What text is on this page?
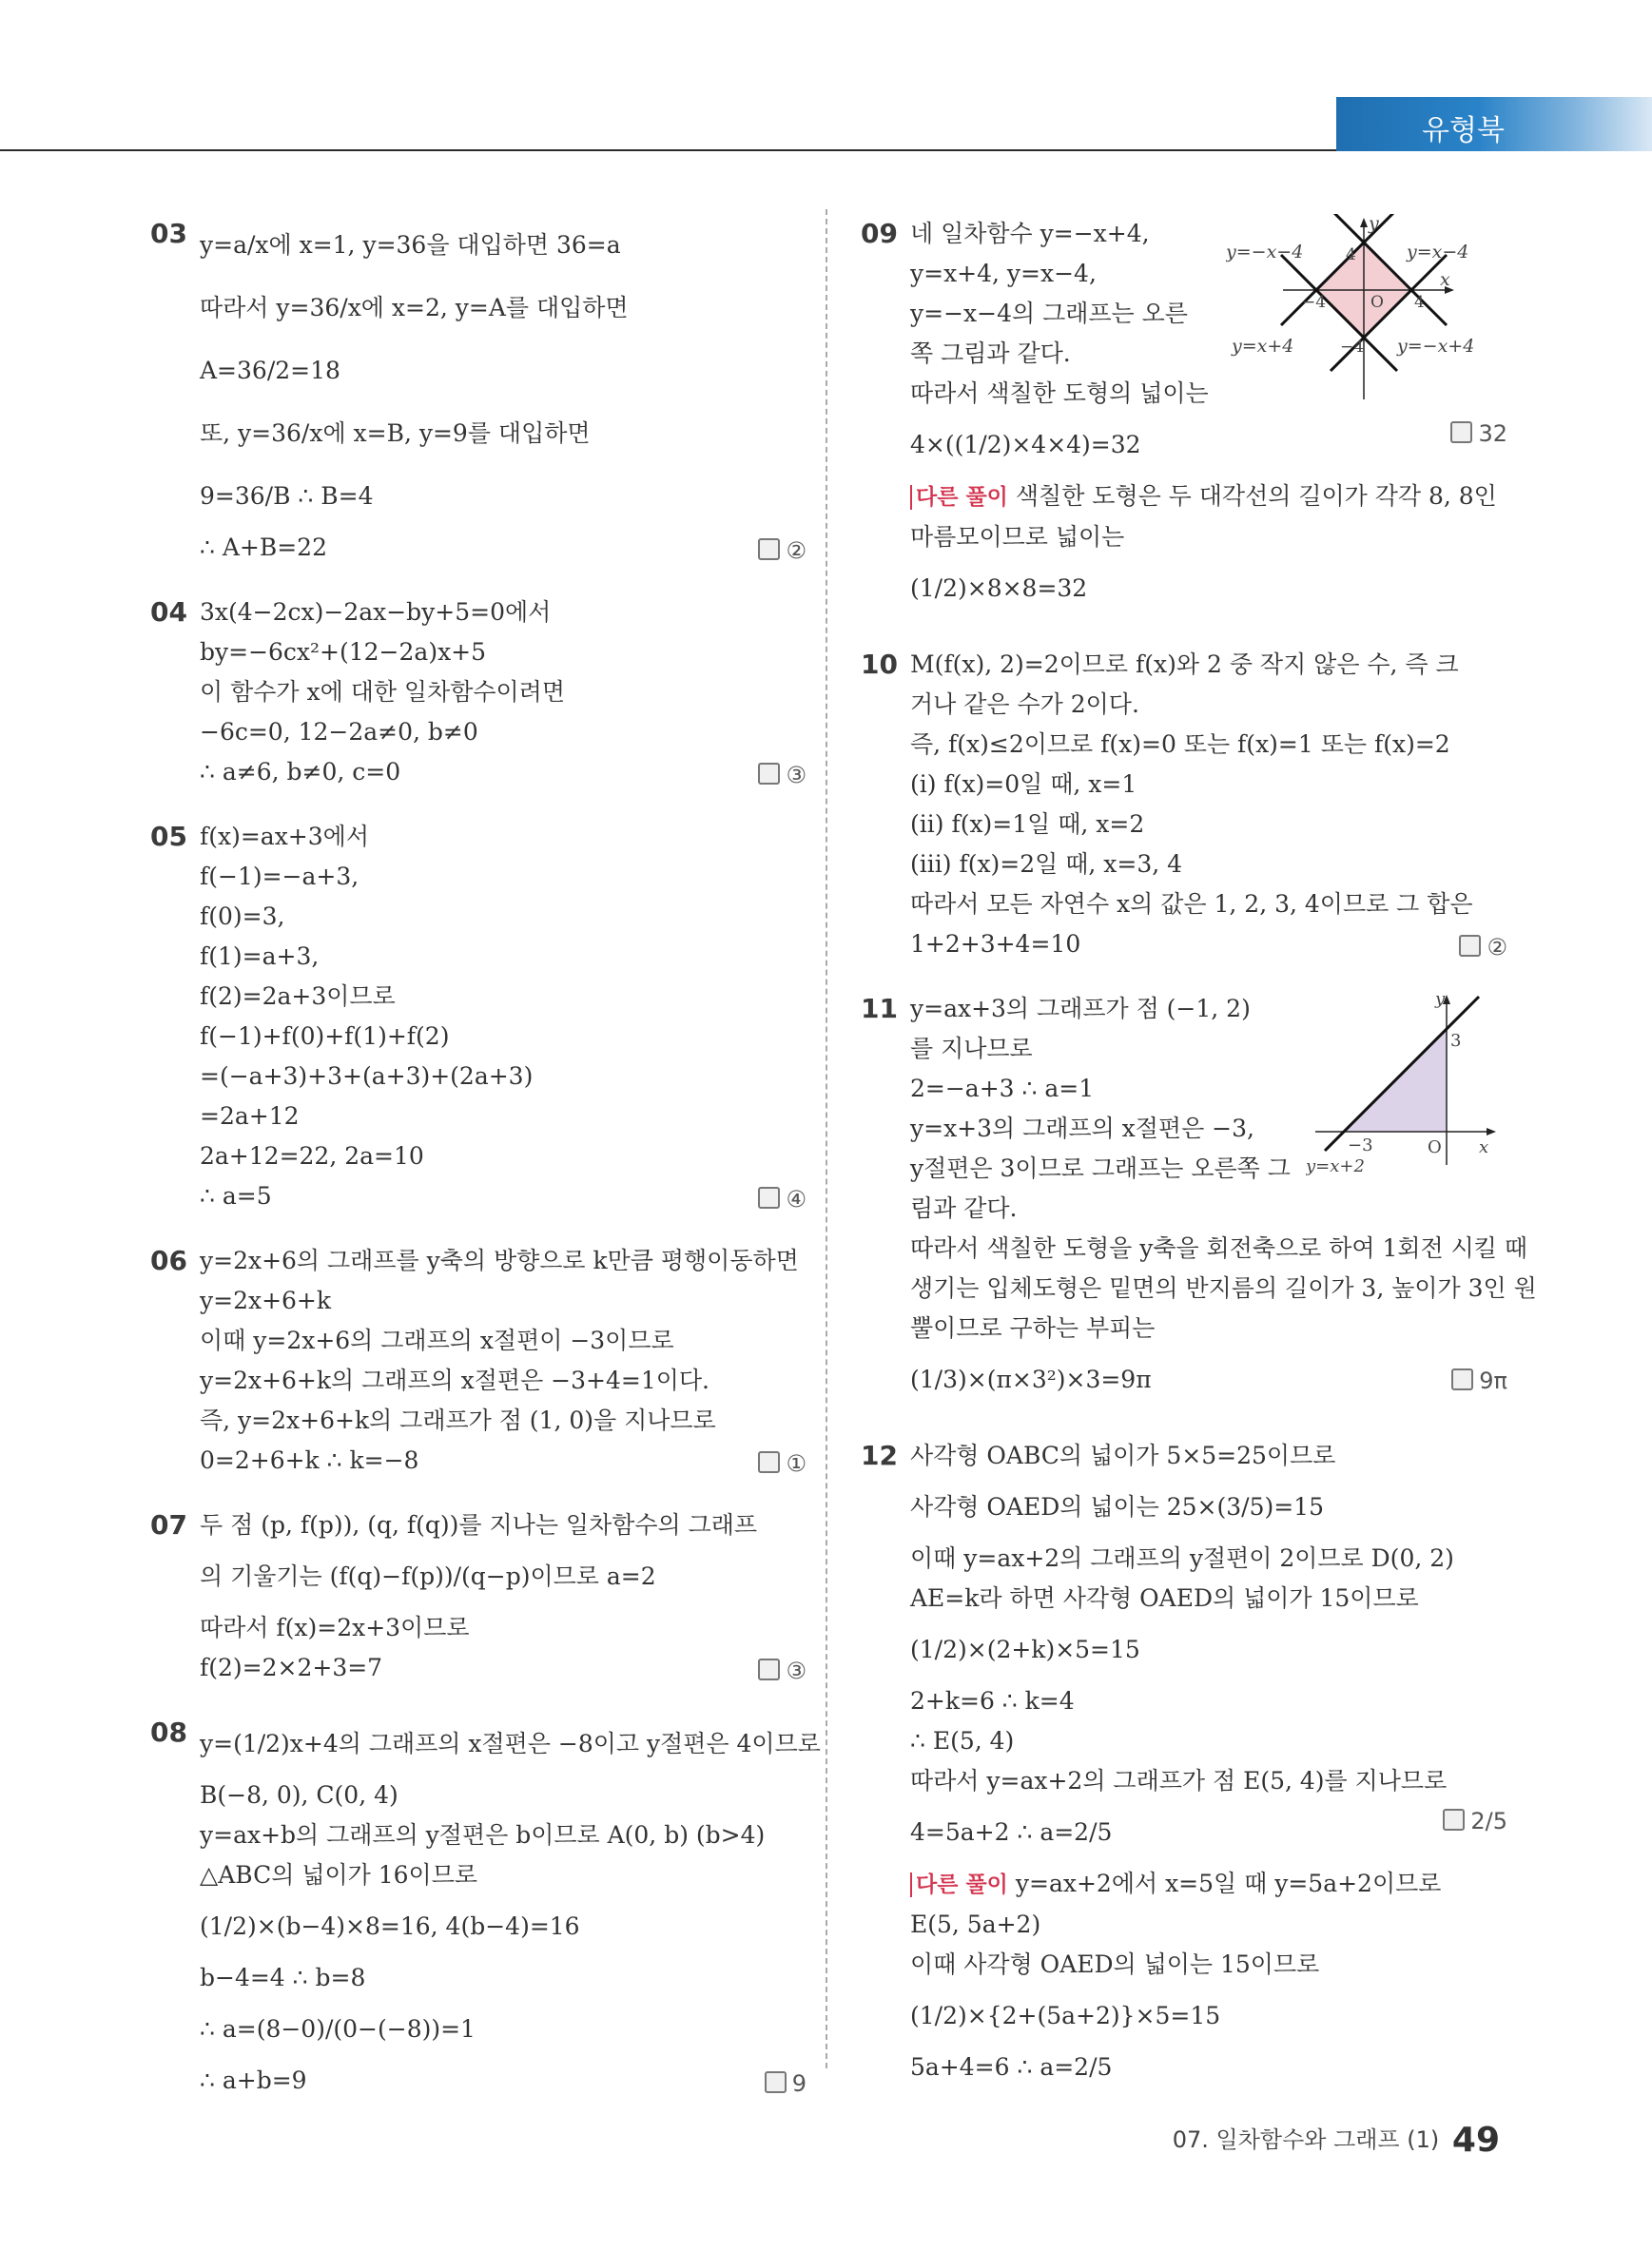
유형북
03 y=a/x에 x=1, y=36을 대입하면 36=a
따라서 y=36/x에 x=2, y=A를 대입하면
A=36/2=18
또, y=36/x에 x=B, y=9를 대입하면
9=36/B ∴ B=4
∴ A+B=22	②
04 3x(4−2cx)−2ax−by+5=0에서
by=−6cx²+(12−2a)x+5
이 함수가 x에 대한 일차함수이려면
−6c=0, 12−2a≠0, b≠0
∴ a≠6, b≠0, c=0	③
05 f(x)=ax+3에서
f(−1)=−a+3,
f(0)=3,
f(1)=a+3,
f(2)=2a+3이므로
f(−1)+f(0)+f(1)+f(2)
=(−a+3)+3+(a+3)+(2a+3)
=2a+12
2a+12=22, 2a=10
∴ a=5	④
06 y=2x+6의 그래프를 y축의 방향으로 k만큼 평행이동하면
y=2x+6+k
이때 y=2x+6의 그래프의 x절편이 −3이므로
y=2x+6+k의 그래프의 x절편은 −3+4=1이다.
즉, y=2x+6+k의 그래프가 점 (1, 0)을 지나므로
0=2+6+k ∴ k=−8	①
07 두 점 (p, f(p)), (q, f(q))를 지나는 일차함수의 그래프
의 기울기는 (f(q)−f(p))/(q−p)이므로 a=2
따라서 f(x)=2x+3이므로
f(2)=2×2+3=7	③
08 y=(1/2)x+4의 그래프의 x절편은 −8이고 y절편은 4이므로
B(−8, 0), C(0, 4)
y=ax+b의 그래프의 y절편은 b이므로 A(0, b) (b>4)
△ABC의 넓이가 16이므로
(1/2)×(b−4)×8=16, 4(b−4)=16
b−4=4 ∴ b=8
∴ a=(8−0)/(0−(−8))=1
∴ a+b=9	9
09 네 일차함수 y=−x+4,
y=x+4, y=x−4,
y=−x−4의 그래프는 오른
쪽 그림과 같다.
따라서 색칠한 도형의 넓이는
4×((1/2)×4×4)=32	32
다른 풀이 색칠한 도형은 두 대각선의 길이가 각각 8, 8인
마름모이므로 넓이는
(1/2)×8×8=32
y
x
y=−x−4	y=x−4
y=x+4	y=−x+4
4
−4	O 4
−4
10 M(f(x), 2)=2이므로 f(x)와 2 중 작지 않은 수, 즉 크
거나 같은 수가 2이다.
즉, f(x)≤2이므로 f(x)=0 또는 f(x)=1 또는 f(x)=2
(i) f(x)=0일 때, x=1
(ii) f(x)=1일 때, x=2
(iii) f(x)=2일 때, x=3, 4
따라서 모든 자연수 x의 값은 1, 2, 3, 4이므로 그 합은
1+2+3+4=10	②
11 y=ax+3의 그래프가 점 (−1, 2)
를 지나므로
2=−a+3 ∴ a=1
y=x+3의 그래프의 x절편은 −3,
y절편은 3이므로 그래프는 오른쪽 그
림과 같다.
따라서 색칠한 도형을 y축을 회전축으로 하여 1회전 시킬 때
생기는 입체도형은 밑면의 반지름의 길이가 3, 높이가 3인 원
뿔이므로 구하는 부피는
(1/3)×(π×3²)×3=9π	9π
y
x
3
−3	O
y=x+2
12 사각형 OABC의 넓이가 5×5=25이므로
사각형 OAED의 넓이는 25×(3/5)=15
이때 y=ax+2의 그래프의 y절편이 2이므로 D(0, 2)
AE=k라 하면 사각형 OAED의 넓이가 15이므로
(1/2)×(2+k)×5=15
2+k=6 ∴ k=4
∴ E(5, 4)
따라서 y=ax+2의 그래프가 점 E(5, 4)를 지나므로
4=5a+2 ∴ a=2/5	2/5
다른 풀이 y=ax+2에서 x=5일 때 y=5a+2이므로
E(5, 5a+2)
이때 사각형 OAED의 넓이는 15이므로
(1/2)×{2+(5a+2)}×5=15
5a+4=6 ∴ a=2/5
07. 일차함수와 그래프 (1) 49
